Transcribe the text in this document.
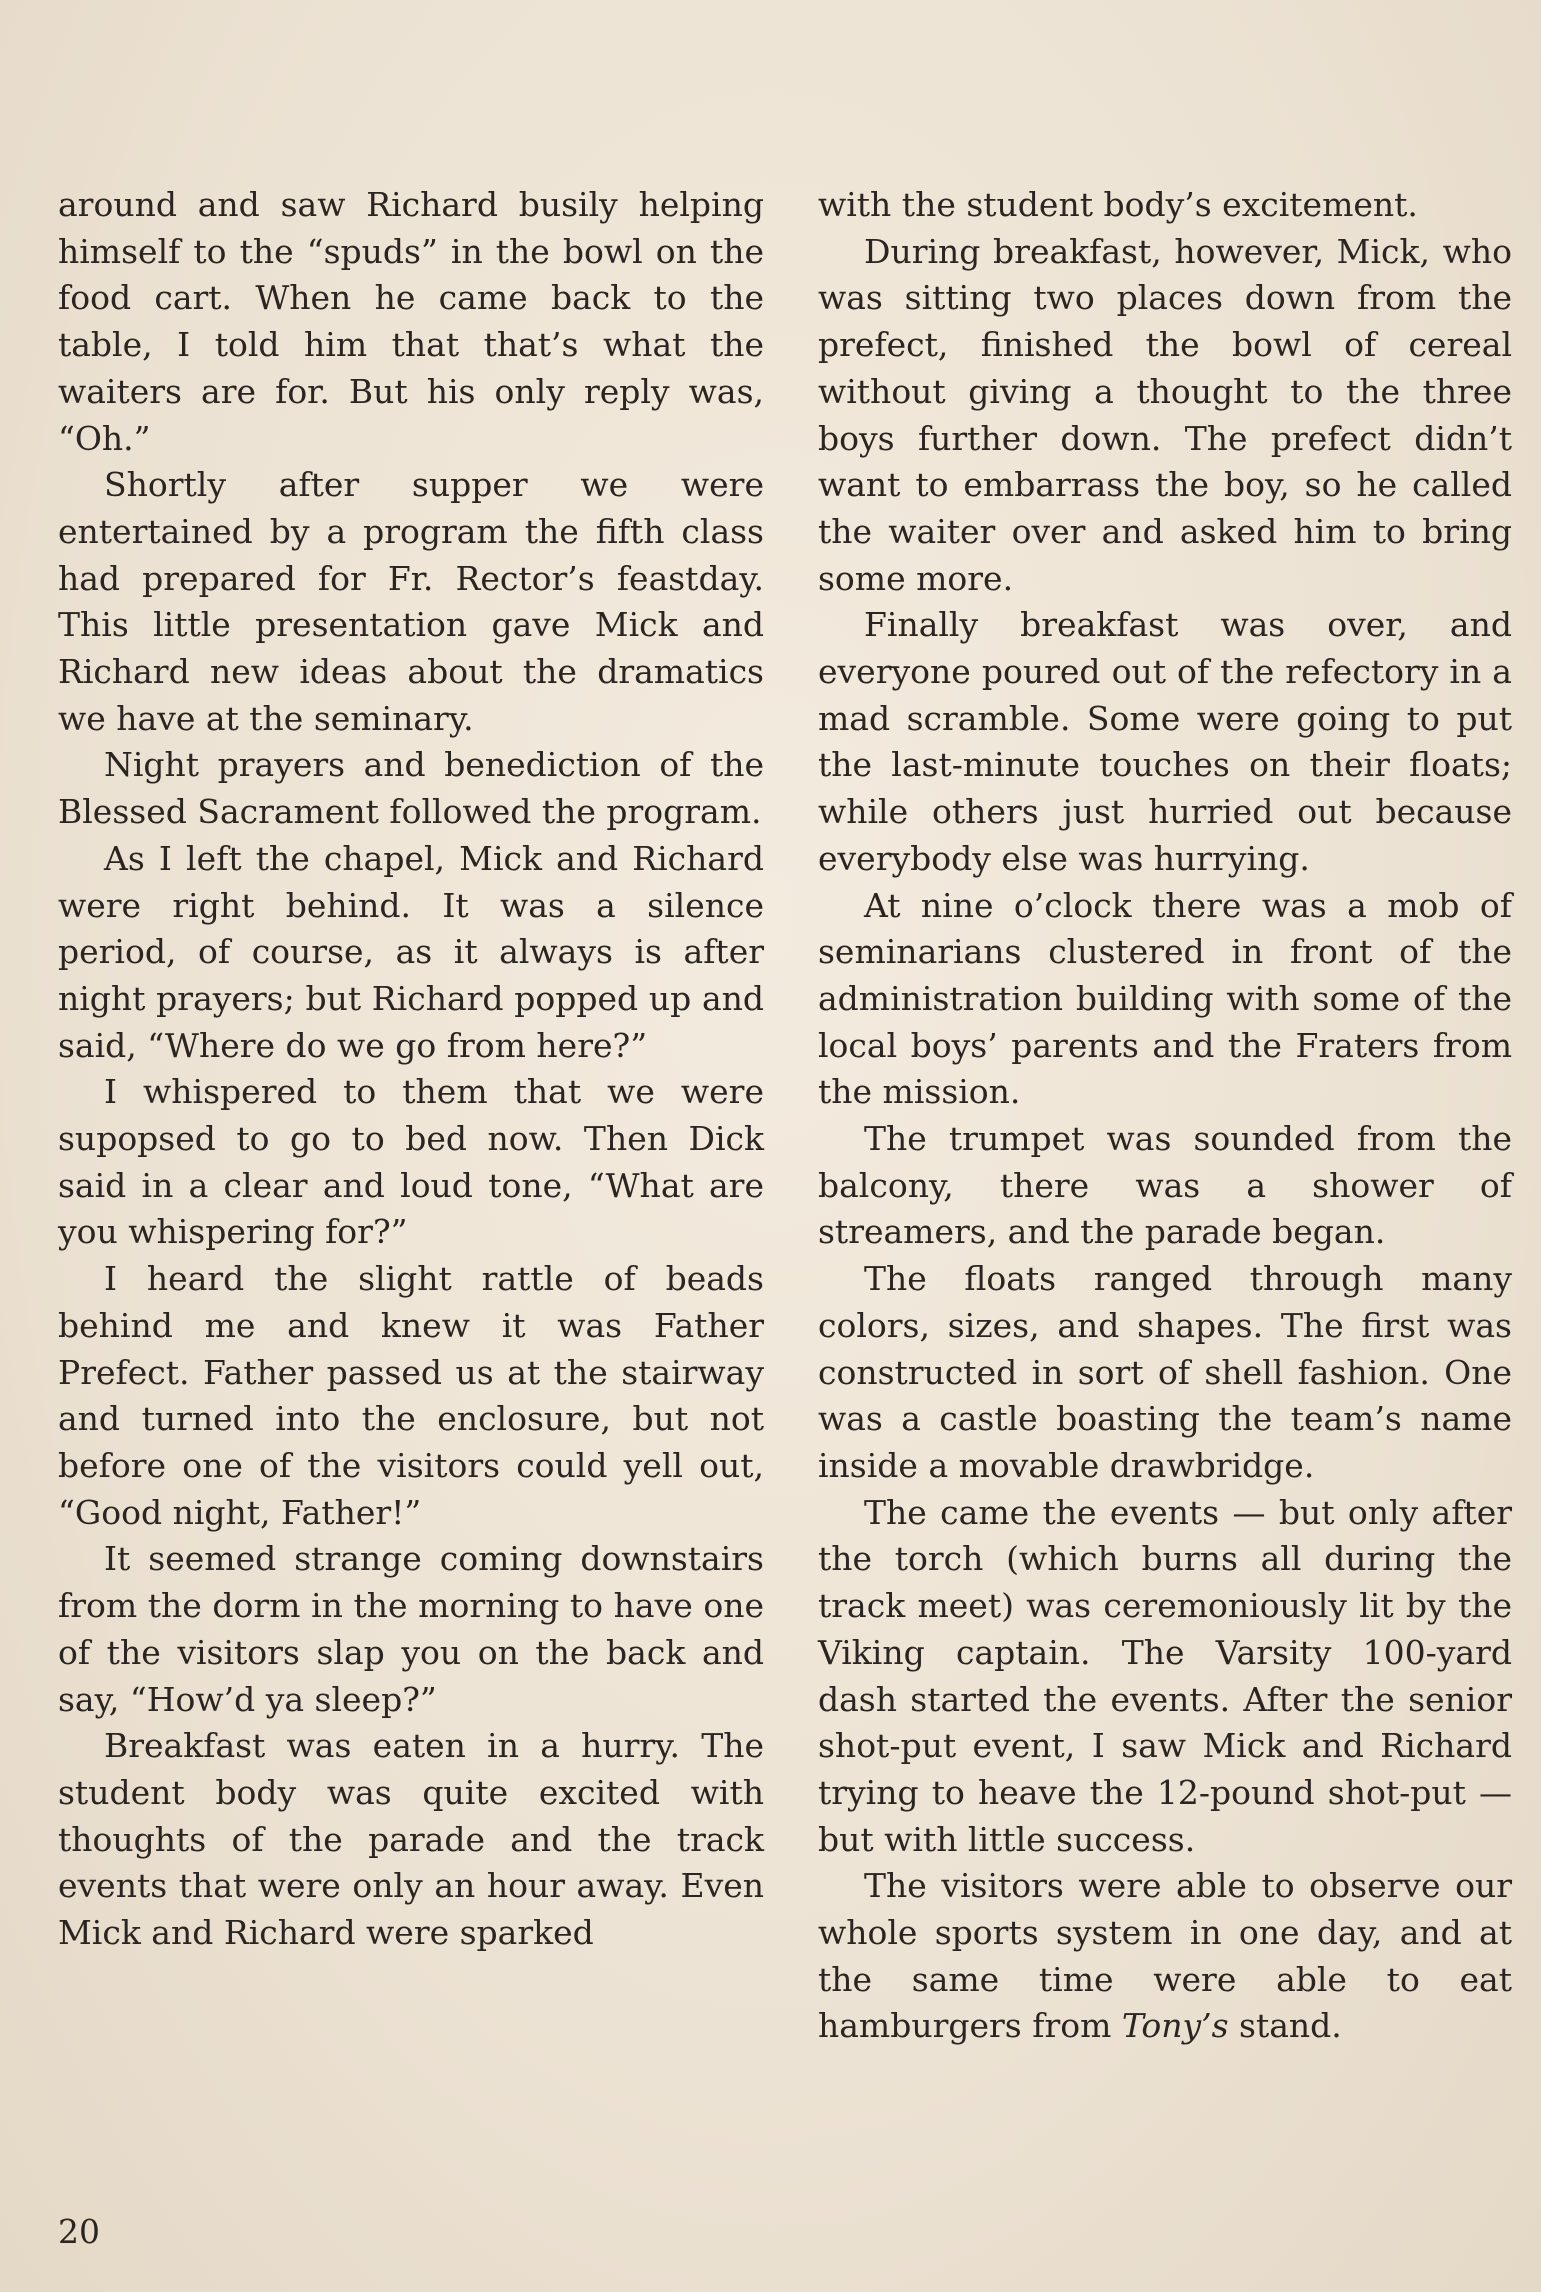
around and saw Richard busily helping himself to the “spuds” in the bowl on the food cart. When he came back to the table, I told him that that’s what the waiters are for. But his only reply was, “Oh.”

Shortly after supper we were entertained by a program the fifth class had prepared for Fr. Rector’s feastday. This little presentation gave Mick and Richard new ideas about the dramatics we have at the seminary.

Night prayers and benediction of the Blessed Sacrament followed the program.

As I left the chapel, Mick and Richard were right behind. It was a silence period, of course, as it always is after night prayers; but Richard popped up and said, “Where do we go from here?”

I whispered to them that we were supopsed to go to bed now. Then Dick said in a clear and loud tone, “What are you whispering for?”

I heard the slight rattle of beads behind me and knew it was Father Prefect. Father passed us at the stairway and turned into the enclosure, but not before one of the visitors could yell out, “Good night, Father!”

It seemed strange coming downstairs from the dorm in the morning to have one of the visitors slap you on the back and say, “How’d ya sleep?”

Breakfast was eaten in a hurry. The student body was quite excited with thoughts of the parade and the track events that were only an hour away. Even Mick and Richard were sparked

with the student body’s excitement.

During breakfast, however, Mick, who was sitting two places down from the prefect, finished the bowl of cereal without giving a thought to the three boys further down. The prefect didn’t want to embarrass the boy, so he called the waiter over and asked him to bring some more.

Finally breakfast was over, and everyone poured out of the refectory in a mad scramble. Some were going to put the last-minute touches on their floats; while others just hurried out because everybody else was hurrying.

At nine o’clock there was a mob of seminarians clustered in front of the administration building with some of the local boys’ parents and the Fraters from the mission.

The trumpet was sounded from the balcony, there was a shower of streamers, and the parade began.

The floats ranged through many colors, sizes, and shapes. The first was constructed in sort of shell fashion. One was a castle boasting the team’s name inside a movable drawbridge.

The came the events — but only after the torch (which burns all during the track meet) was ceremoniously lit by the Viking captain. The Varsity 100-yard dash started the events. After the senior shot-put event, I saw Mick and Richard trying to heave the 12-pound shot-put — but with little success.

The visitors were able to observe our whole sports system in one day, and at the same time were able to eat hamburgers from Tony’s stand.

20
